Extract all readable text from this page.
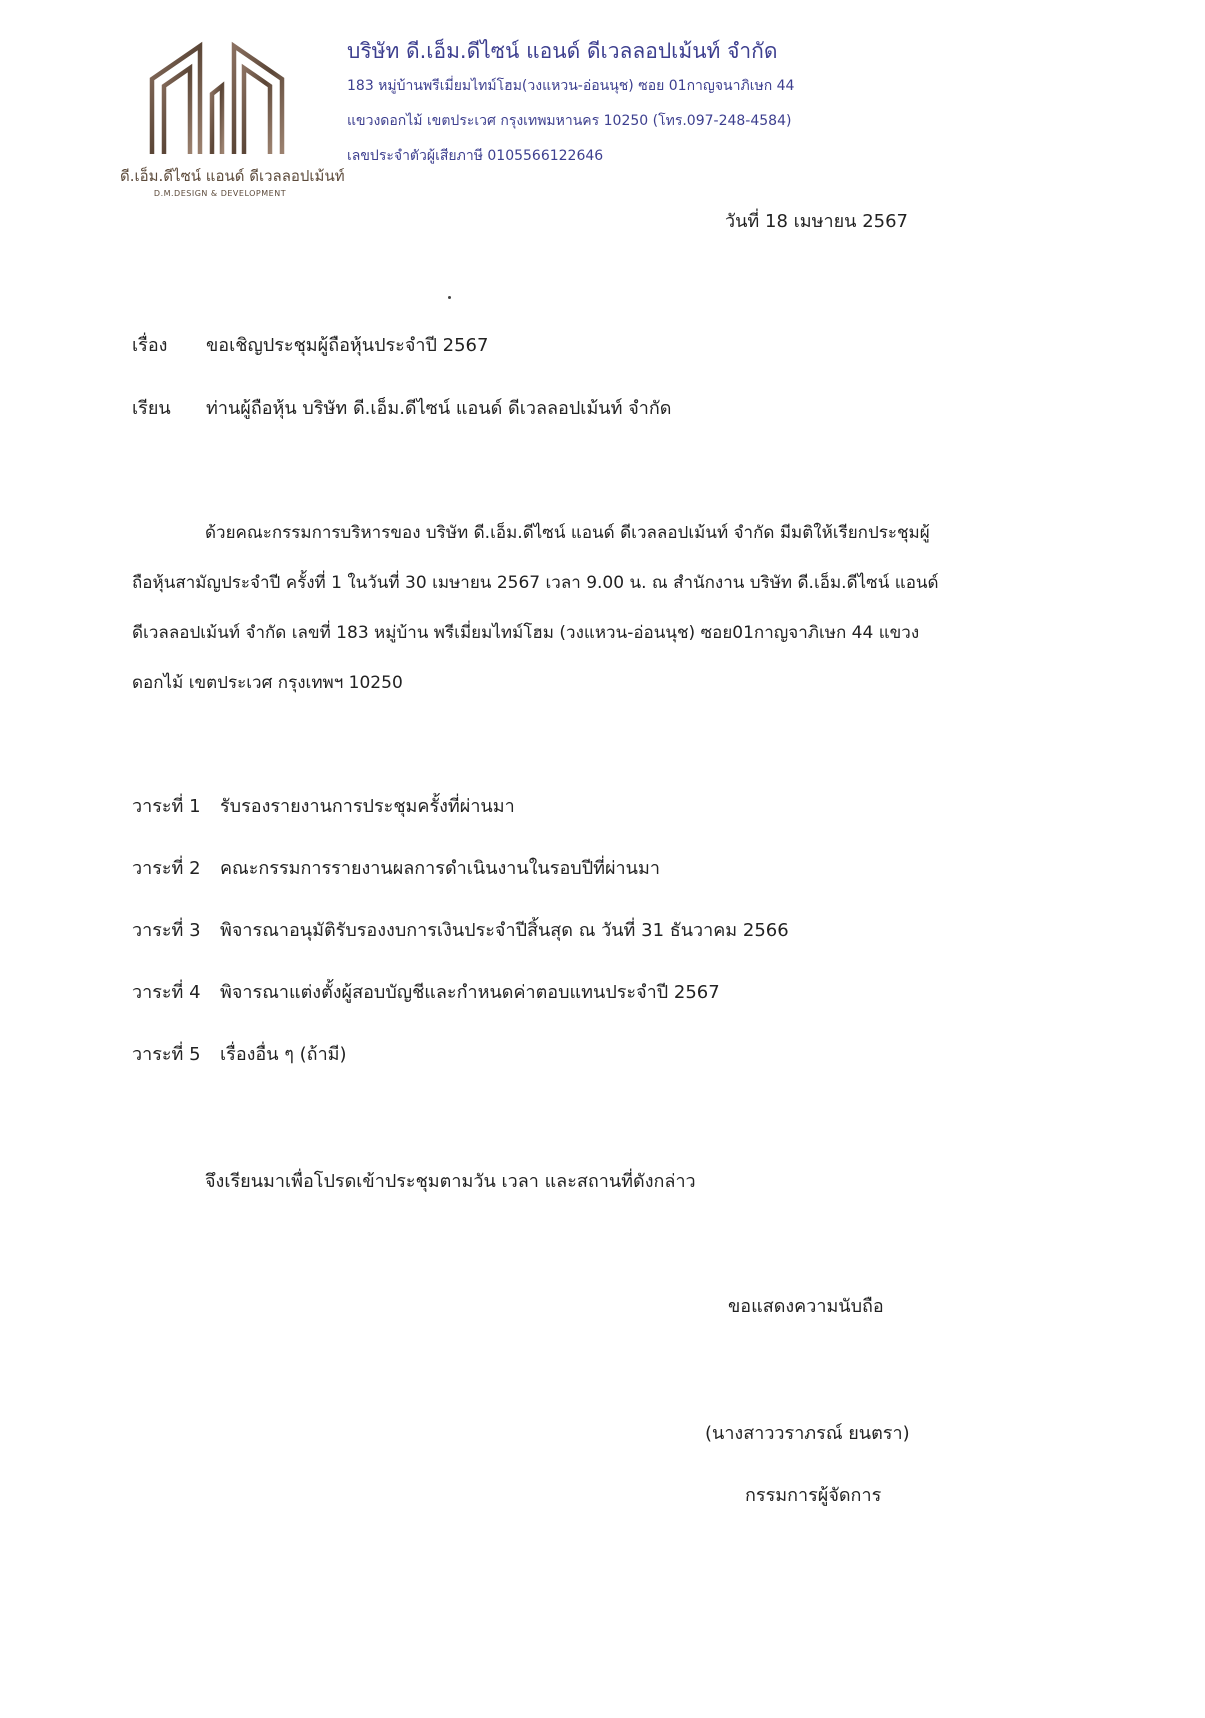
ดี.เอ็ม.ดีไซน์ แอนด์ ดีเวลลอปเม้นท์
D.M.DESIGN & DEVELOPMENT
บริษัท ดี.เอ็ม.ดีไซน์ แอนด์ ดีเวลลอปเม้นท์ จำกัด
183 หมู่บ้านพรีเมี่ยมไทม์โฮม(วงแหวน-อ่อนนุช) ซอย 01กาญจนาภิเษก 44
แขวงดอกไม้ เขตประเวศ กรุงเทพมหานคร 10250 (โทร.097-248-4584)
เลขประจำตัวผู้เสียภาษี 0105566122646
วันที่ 18 เมษายน 2567
เรื่อง ขอเชิญประชุมผู้ถือหุ้นประจำปี 2567
เรียน ท่านผู้ถือหุ้น บริษัท ดี.เอ็ม.ดีไซน์ แอนด์ ดีเวลลอปเม้นท์ จำกัด
ด้วยคณะกรรมการบริหารของ บริษัท ดี.เอ็ม.ดีไซน์ แอนด์ ดีเวลลอปเม้นท์ จำกัด มีมติให้เรียกประชุมผู้
ถือหุ้นสามัญประจำปี ครั้งที่ 1 ในวันที่ 30 เมษายน 2567 เวลา 9.00 น. ณ สำนักงาน บริษัท ดี.เอ็ม.ดีไซน์ แอนด์
ดีเวลลอปเม้นท์ จำกัด เลขที่ 183 หมู่บ้าน พรีเมี่ยมไทม์โฮม (วงแหวน-อ่อนนุช) ซอย01กาญจาภิเษก 44 แขวง
ดอกไม้ เขตประเวศ กรุงเทพฯ 10250
วาระที่ 1 รับรองรายงานการประชุมครั้งที่ผ่านมา
วาระที่ 2 คณะกรรมการรายงานผลการดำเนินงานในรอบปีที่ผ่านมา
วาระที่ 3 พิจารณาอนุมัติรับรองงบการเงินประจำปีสิ้นสุด ณ วันที่ 31 ธันวาคม 2566
วาระที่ 4 พิจารณาแต่งตั้งผู้สอบบัญชีและกำหนดค่าตอบแทนประจำปี 2567
วาระที่ 5 เรื่องอื่น ๆ (ถ้ามี)
จึงเรียนมาเพื่อโปรดเข้าประชุมตามวัน เวลา และสถานที่ดังกล่าว
ขอแสดงความนับถือ
(นางสาววราภรณ์ ยนตรา)
กรรมการผู้จัดการ
